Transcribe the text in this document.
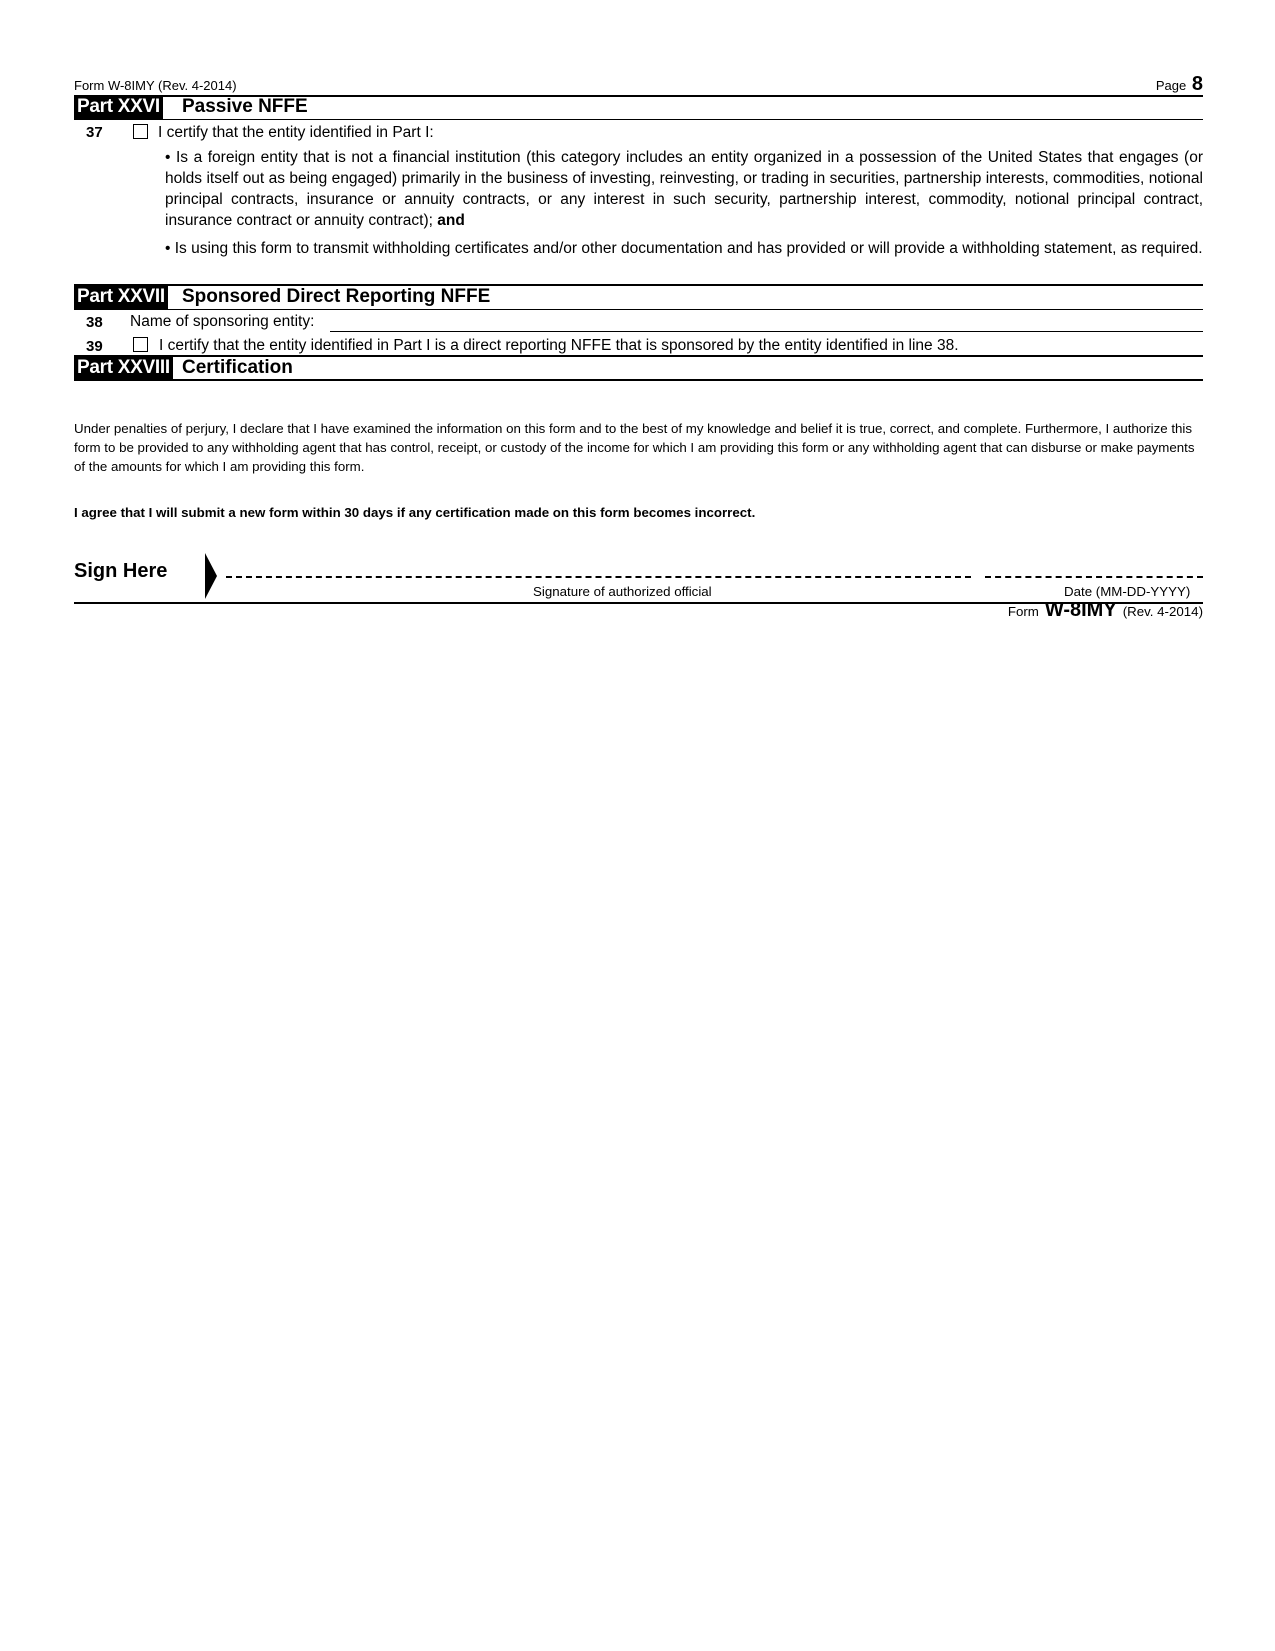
Form W-8IMY (Rev. 4-2014)	Page 8
Part XXVI Passive NFFE
37	I certify that the entity identified in Part I:
• Is a foreign entity that is not a financial institution (this category includes an entity organized in a possession of the United States that engages (or holds itself out as being engaged) primarily in the business of investing, reinvesting, or trading in securities, partnership interests, commodities, notional principal contracts, insurance or annuity contracts, or any interest in such security, partnership interest, commodity, notional principal contract, insurance contract or annuity contract); and
• Is using this form to transmit withholding certificates and/or other documentation and has provided or will provide a withholding statement, as required.
Part XXVII Sponsored Direct Reporting NFFE
38 Name of sponsoring entity:
39	I certify that the entity identified in Part I is a direct reporting NFFE that is sponsored by the entity identified in line 38.
Part XXVIII Certification
Under penalties of perjury, I declare that I have examined the information on this form and to the best of my knowledge and belief it is true, correct, and complete. Furthermore, I authorize this form to be provided to any withholding agent that has control, receipt, or custody of the income for which I am providing this form or any withholding agent that can disburse or make payments of the amounts for which I am providing this form.
I agree that I will submit a new form within 30 days if any certification made on this form becomes incorrect.
Sign Here
Signature of authorized official	Date (MM-DD-YYYY)
Form W-8IMY (Rev. 4-2014)
